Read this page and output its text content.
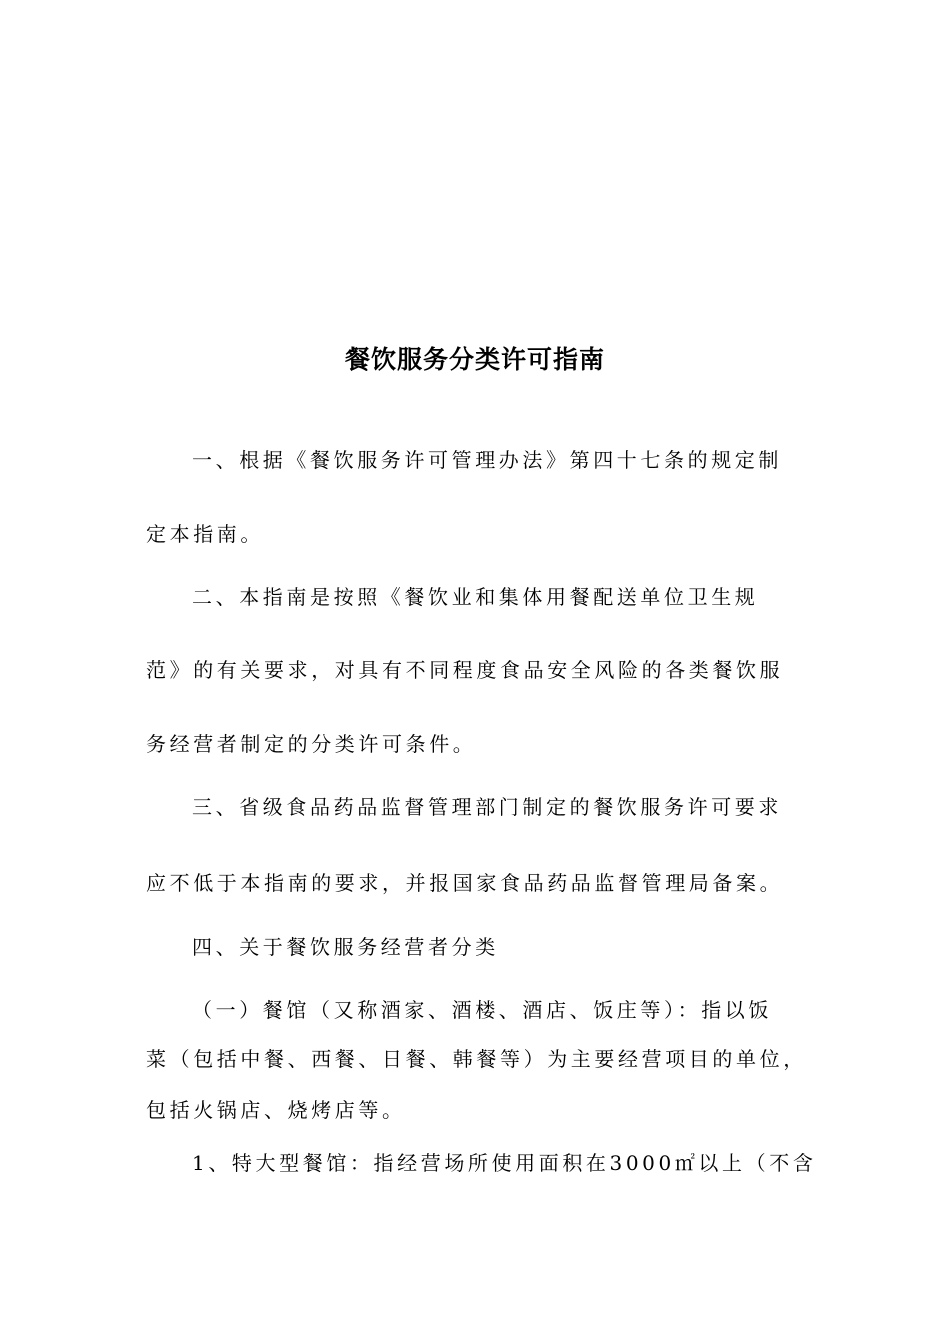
餐饮服务分类许可指南
一、根据《餐饮服务许可管理办法》第四十七条的规定制
定本指南。
二、本指南是按照《餐饮业和集体用餐配送单位卫生规
范》的有关要求，对具有不同程度食品安全风险的各类餐饮服
务经营者制定的分类许可条件。
三、省级食品药品监督管理部门制定的餐饮服务许可要求
应不低于本指南的要求，并报国家食品药品监督管理局备案。
四、关于餐饮服务经营者分类
（一）餐馆（又称酒家、酒楼、酒店、饭庄等）：指以饭
菜（包括中餐、西餐、日餐、韩餐等）为主要经营项目的单位，
包括火锅店、烧烤店等。
1、特大型餐馆：指经营场所使用面积在3000㎡以上（不含
